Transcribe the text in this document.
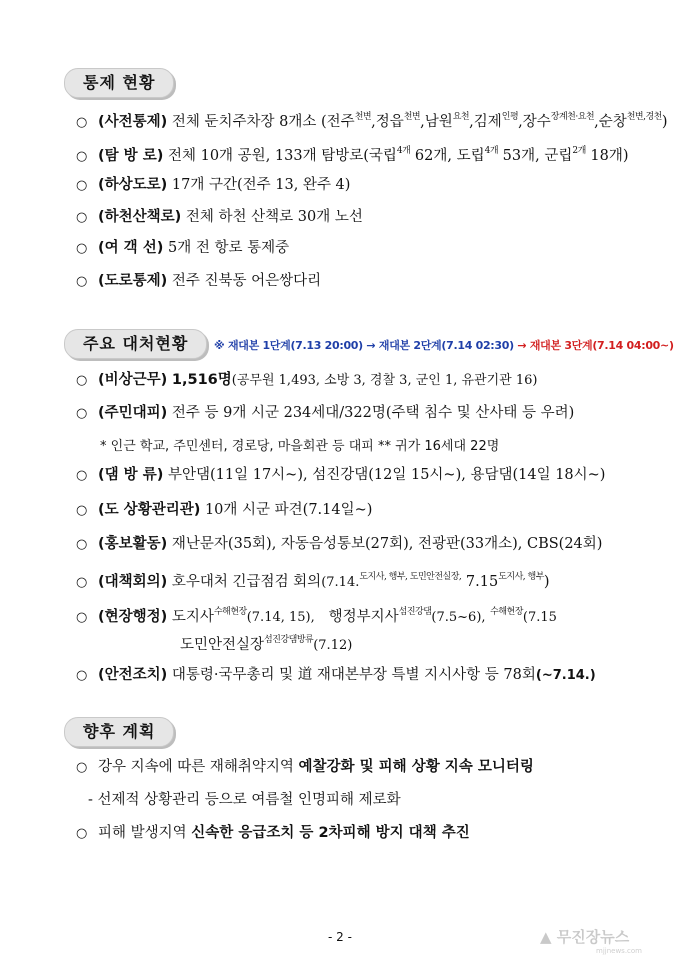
통제 현황
○ (사전통제) 전체 둔치주차장 8개소 (전주$^{천변}$,정읍$^{천변}$,남원$^{요천}$,김제$^{인평}$,장수$^{장계천\cdot 요천}$,순창$^{천변,경천}$)
○ (탐 방 로) 전체 10개 공원, 133개 탐방로(국립$^{4개}$ 62개, 도립$^{4개}$ 53개, 군립$^{2개}$ 18개)
○ (하상도로) 17개 구간(전주 13, 완주 4)
○ (하천산책로) 전체 하천 산책로 30개 노선
○ (여 객 선) 5개 전 항로 통제중
○ (도로통제) 전주 진북동 어은쌍다리
주요 대처현황	※ 재대본 1단계(7.13 20:00) → 재대본 2단계(7.14 02:30) → 재대본 3단계(7.14 04:00~)
○ (비상근무) 1,516명(공무원 1,493, 소방 3, 경찰 3, 군인 1, 유관기관 16)
○ (주민대피) 전주 등 9개 시군 234세대/322명(주택 침수 및 산사태 등 우려)
* 인근 학교, 주민센터, 경로당, 마을회관 등 대피 ** 귀가 16세대 22명
○ (댐 방 류) 부안댐(11일 17시~), 섬진강댐(12일 15시~), 용담댐(14일 18시~)
○ (도 상황관리관) 10개 시군 파견(7.14일~)
○ (홍보활동) 재난문자(35회), 자동음성통보(27회), 전광판(33개소), CBS(24회)
○ (대책회의) 호우대처 긴급점검 회의(7.14.$^{도지사, 행부, 도민안전실장,}$ $7.15^{도지사, 행부}$)
○ (현장행정) 도지사$^{수해현장}$(7.14, 15), 행정부지사$^{섬진강댐}$(7.5~6), $^{수해현장}$(7.15
도민안전실장$^{섬진강댐방류}$(7.12)
○ (안전조치) 대통령·국무총리 및 道 재대본부장 특별 지시사항 등 78회(~7.14.)
향후 계획
○ 강우 지속에 따른 재해취약지역 예찰강화 및 피해 상황 지속 모니터링
- 선제적 상황관리 등으로 여름철 인명피해 제로화
○ 피해 발생지역 신속한 응급조치 등 2차피해 방지 대책 추진
- 2 -	▲ 무진장뉴스
mjjnews.com
